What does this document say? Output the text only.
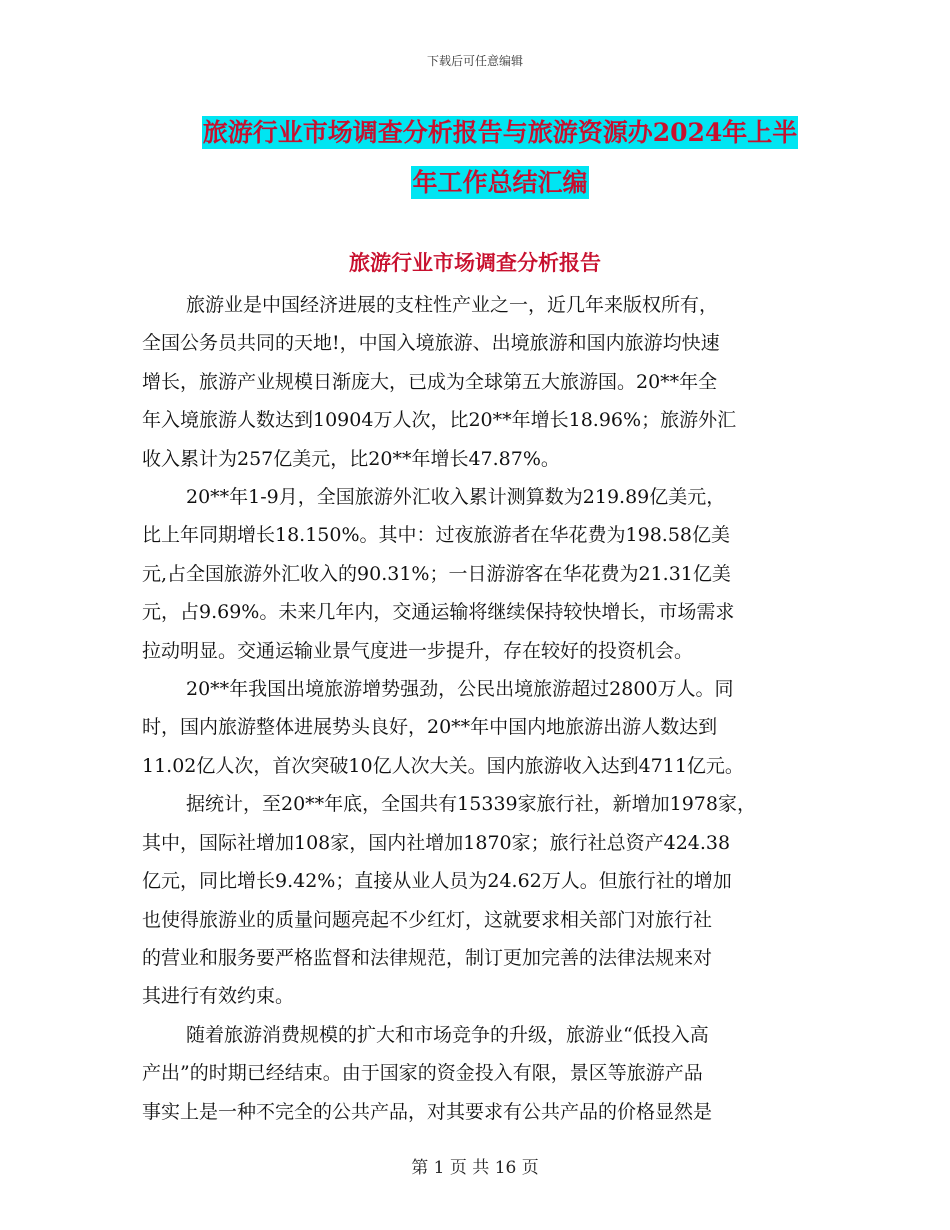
下载后可任意编辑
旅游行业市场调查分析报告与旅游资源办2024年上半
年工作总结汇编
旅游行业市场调查分析报告

旅游业是中国经济进展的支柱性产业之一，近几年来版权所有，

全国公务员共同的天地!，中国入境旅游、出境旅游和国内旅游均快速

增长，旅游产业规模日渐庞大，已成为全球第五大旅游国。20**年全

年入境旅游人数达到10904万人次，比20**年增长18.96%；旅游外汇

收入累计为257亿美元，比20**年增长47.87%。

20**年1-9月，全国旅游外汇收入累计测算数为219.89亿美元，

比上年同期增长18.150%。其中：过夜旅游者在华花费为198.58亿美

元,占全国旅游外汇收入的90.31%；一日游游客在华花费为21.31亿美

元，占9.69%。未来几年内，交通运输将继续保持较快增长，市场需求

拉动明显。交通运输业景气度进一步提升，存在较好的投资机会。

20**年我国出境旅游增势强劲，公民出境旅游超过2800万人。同

时，国内旅游整体进展势头良好，20**年中国内地旅游出游人数达到

11.02亿人次，首次突破10亿人次大关。国内旅游收入达到4711亿元。

据统计，至20**年底，全国共有15339家旅行社，新增加1978家，

其中，国际社增加108家，国内社增加1870家；旅行社总资产424.38

亿元，同比增长9.42%；直接从业人员为24.62万人。但旅行社的增加

也使得旅游业的质量问题亮起不少红灯，这就要求相关部门对旅行社

的营业和服务要严格监督和法律规范，制订更加完善的法律法规来对

其进行有效约束。

随着旅游消费规模的扩大和市场竞争的升级，旅游业“低投入高

产出”的时期已经结束。由于国家的资金投入有限，景区等旅游产品

事实上是一种不完全的公共产品，对其要求有公共产品的价格显然是

第 1 页 共 16 页
